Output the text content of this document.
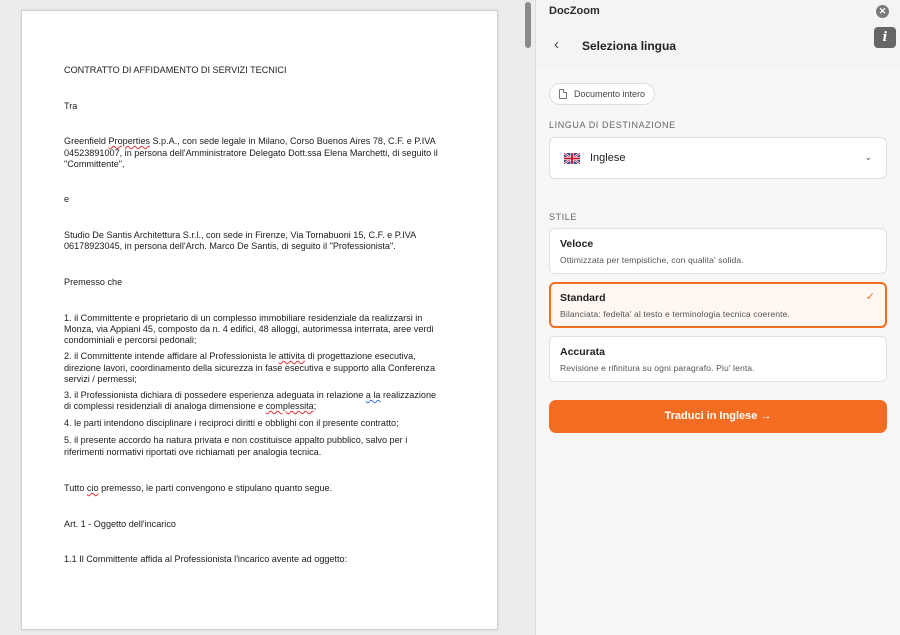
CONTRATTO DI AFFIDAMENTO DI SERVIZI TECNICI
Tra
Greenfield Properties S.p.A., con sede legale in Milano, Corso Buenos Aires 78, C.F. e P.IVA
04523891007, in persona dell'Amministratore Delegato Dott.ssa Elena Marchetti, di seguito il
"Committente",
e
Studio De Santis Architettura S.r.l., con sede in Firenze, Via Tornabuoni 15, C.F. e P.IVA
06178923045, in persona dell'Arch. Marco De Santis, di seguito il "Professionista".
Premesso che
1. il Committente e proprietario di un complesso immobiliare residenziale da realizzarsi in
Monza, via Appiani 45, composto da n. 4 edifici, 48 alloggi, autorimessa interrata, aree verdi
condominiali e percorsi pedonali;
2. il Committente intende affidare al Professionista le attivita di progettazione esecutiva,
direzione lavori, coordinamento della sicurezza in fase esecutiva e supporto alla Conferenza
servizi / permessi;
3. il Professionista dichiara di possedere esperienza adeguata in relazione a la realizzazione
di complessi residenziali di analoga dimensione e complessita;
4. le parti intendono disciplinare i reciproci diritti e obblighi con il presente contratto;
5. il presente accordo ha natura privata e non costituisce appalto pubblico, salvo per i
riferimenti normativi riportati ove richiamati per analogia tecnica.
Tutto cio premesso, le parti convengono e stipulano quanto segue.
Art. 1 - Oggetto dell'incarico
1.1 Il Committente affida al Professionista l'incarico avente ad oggetto:
DocZoom	✕
i
‹	Seleziona lingua
Documento intero
LINGUA DI DESTINAZIONE
Inglese	⌄
STILE
Veloce
Ottimizzata per tempistiche, con qualita' solida.
Standard
Bilanciata: fedelta' al testo e terminologia tecnica coerente.
✓
Accurata
Revisione e rifinitura su ogni paragrafo. Piu' lenta.
Traduci in Inglese →
